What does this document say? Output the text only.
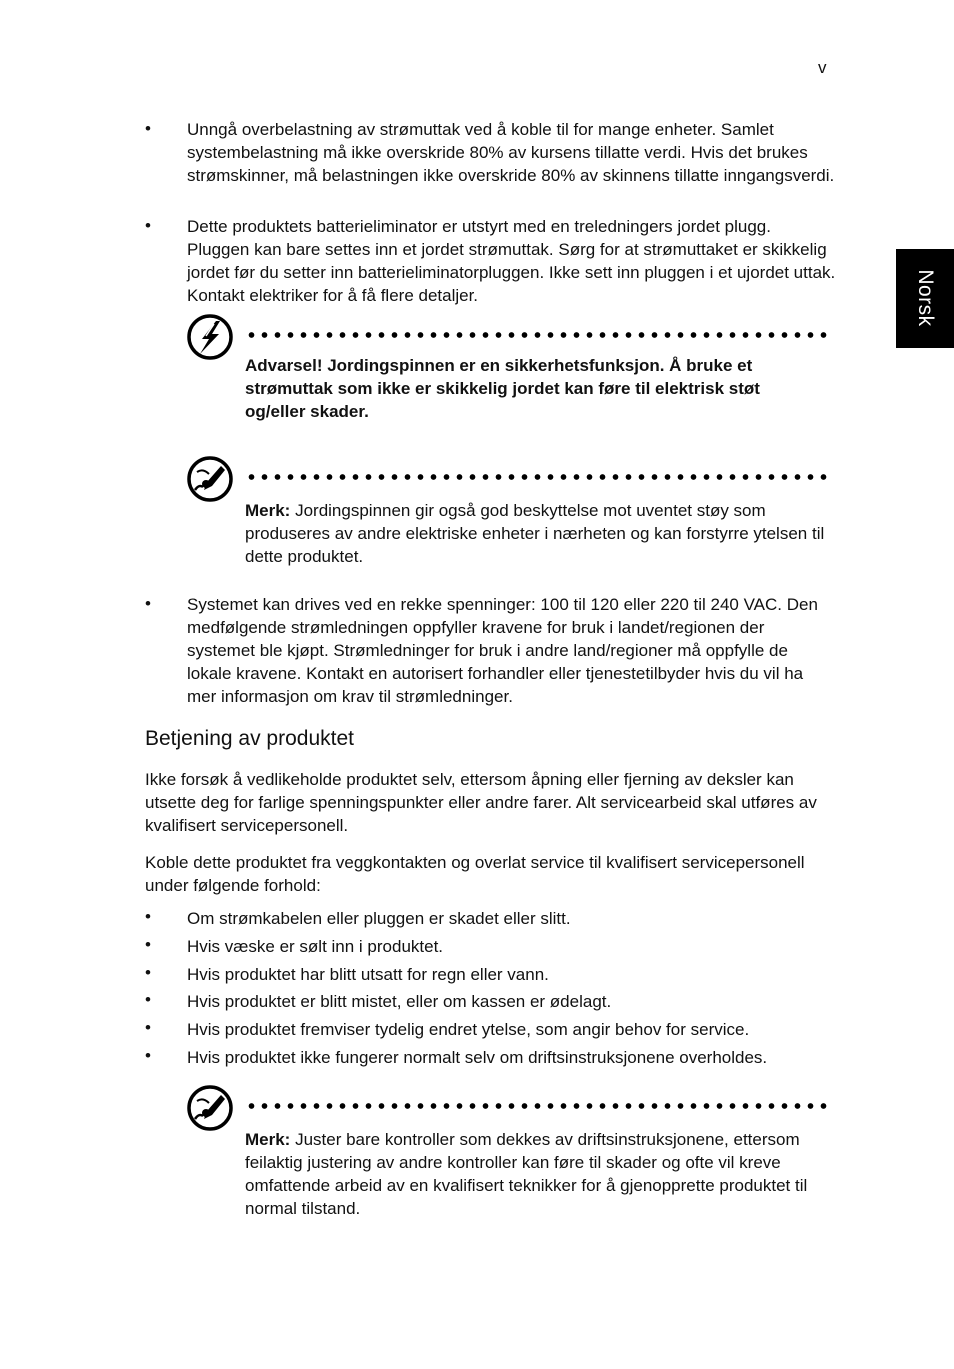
v
Norsk
• Unngå overbelastning av strømuttak ved å koble til for mange enheter. Samlet systembelastning må ikke overskride 80% av kursens tillatte verdi. Hvis det brukes strømskinner, må belastningen ikke overskride 80% av skinnens tillatte inngangsverdi.
• Dette produktets batterieliminator er utstyrt med en treledningers jordet plugg. Pluggen kan bare settes inn et jordet strømuttak. Sørg for at strømuttaket er skikkelig jordet før du setter inn batterieliminatorpluggen. Ikke sett inn pluggen i et ujordet uttak. Kontakt elektriker for å få flere detaljer.
Advarsel! Jordingspinnen er en sikkerhetsfunksjon. Å bruke et strømuttak som ikke er skikkelig jordet kan føre til elektrisk støt og/eller skader.
Merk: Jordingspinnen gir også god beskyttelse mot uventet støy som produseres av andre elektriske enheter i nærheten og kan forstyrre ytelsen til dette produktet.
• Systemet kan drives ved en rekke spenninger: 100 til 120 eller 220 til 240 VAC. Den medfølgende strømledningen oppfyller kravene for bruk i landet/regionen der systemet ble kjøpt. Strømledninger for bruk i andre land/regioner må oppfylle de lokale kravene. Kontakt en autorisert forhandler eller tjenestetilbyder hvis du vil ha mer informasjon om krav til strømledninger.
Betjening av produktet
Ikke forsøk å vedlikeholde produktet selv, ettersom åpning eller fjerning av deksler kan utsette deg for farlige spenningspunkter eller andre farer. Alt servicearbeid skal utføres av kvalifisert servicepersonell.
Koble dette produktet fra veggkontakten og overlat service til kvalifisert servicepersonell under følgende forhold:
• Om strømkabelen eller pluggen er skadet eller slitt.
• Hvis væske er sølt inn i produktet.
• Hvis produktet har blitt utsatt for regn eller vann.
• Hvis produktet er blitt mistet, eller om kassen er ødelagt.
• Hvis produktet fremviser tydelig endret ytelse, som angir behov for service.
• Hvis produktet ikke fungerer normalt selv om driftsinstruksjonene overholdes.
Merk: Juster bare kontroller som dekkes av driftsinstruksjonene, ettersom feilaktig justering av andre kontroller kan føre til skader og ofte vil kreve omfattende arbeid av en kvalifisert teknikker for å gjenopprette produktet til normal tilstand.
